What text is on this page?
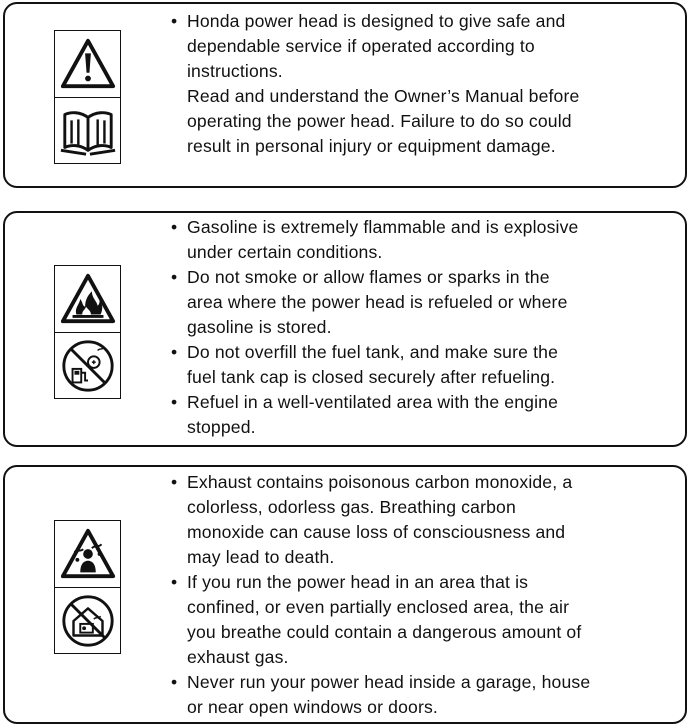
• Honda power head is designed to give safe and
dependable service if operated according to
instructions.
Read and understand the Owner’s Manual before
operating the power head. Failure to do so could
result in personal injury or equipment damage.
• Gasoline is extremely flammable and is explosive
under certain conditions.
• Do not smoke or allow flames or sparks in the
area where the power head is refueled or where
gasoline is stored.
• Do not overfill the fuel tank, and make sure the
fuel tank cap is closed securely after refueling.
• Refuel in a well-ventilated area with the engine
stopped.
• Exhaust contains poisonous carbon monoxide, a
colorless, odorless gas. Breathing carbon
monoxide can cause loss of consciousness and
may lead to death.
• If you run the power head in an area that is
confined, or even partially enclosed area, the air
you breathe could contain a dangerous amount of
exhaust gas.
• Never run your power head inside a garage, house
or near open windows or doors.
